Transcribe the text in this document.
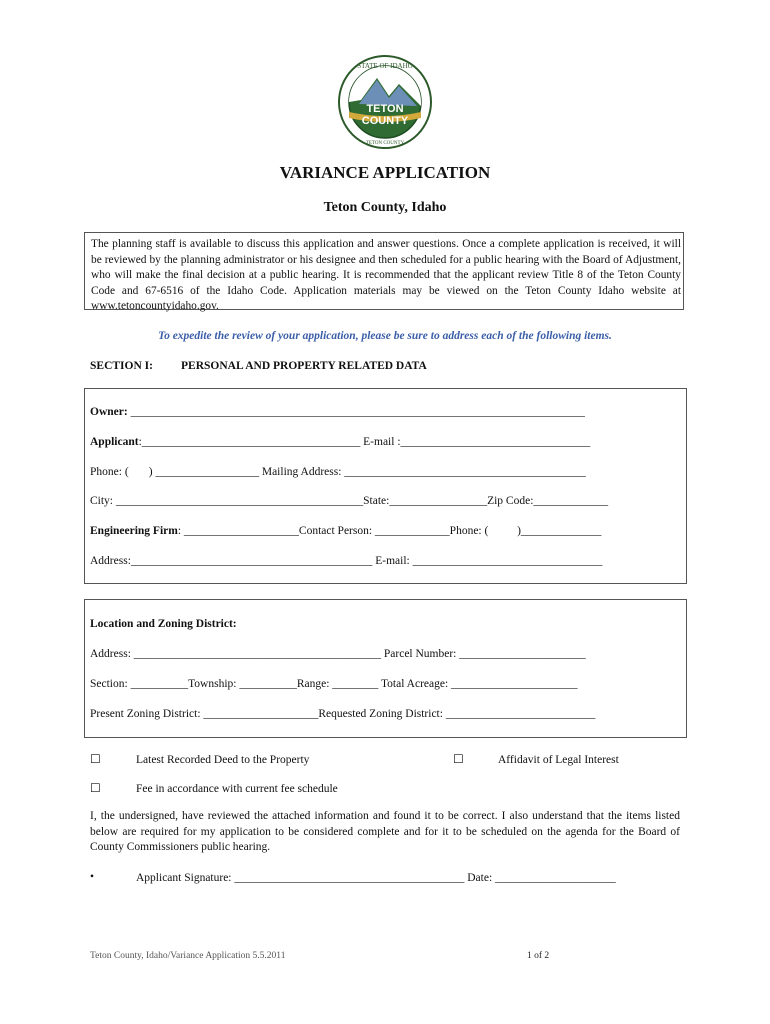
TETON
COUNTY
STATE OF IDAHO
TETON COUNTY
VARIANCE APPLICATION
Teton County, Idaho

The planning staff is available to discuss this application and answer questions. Once a complete application is received, it will be reviewed by the planning administrator or his designee and then scheduled for a public hearing with the Board of Adjustment, who will make the final decision at a public hearing. It is recommended that the applicant review Title 8 of the Teton County Code and 67-6516 of the Idaho Code. Application materials may be viewed on the Teton County Idaho website at www.tetoncountyidaho.gov.

To expedite the review of your application, please be sure to address each of the following items.
SECTION I: PERSONAL AND PROPERTY RELATED DATA
Owner: _______________________________________________________________________________
Applicant:______________________________________ E-mail :_________________________________
Phone: (       ) __________________ Mailing Address: __________________________________________
City: ___________________________________________State:_________________Zip Code:_____________
Engineering Firm: ____________________Contact Person: _____________Phone: (          )______________
Address:__________________________________________ E-mail: _________________________________
Location and Zoning District:
Address: ___________________________________________ Parcel Number: ______________________
Section: __________Township: __________Range: ________ Total Acreage: ______________________
Present Zoning District: ____________________Requested Zoning District: __________________________
☐	Latest Recorded Deed to the Property	☐	Affidavit of Legal Interest
☐	Fee in accordance with current fee schedule

I, the undersigned, have reviewed the attached information and found it to be correct. I also understand that the items listed below are required for my application to be considered complete and for it to be scheduled on the agenda for the Board of County Commissioners public hearing.

•	Applicant Signature: ________________________________________ Date: _____________________
Teton County, Idaho/Variance Application 5.5.2011	1 of 2
